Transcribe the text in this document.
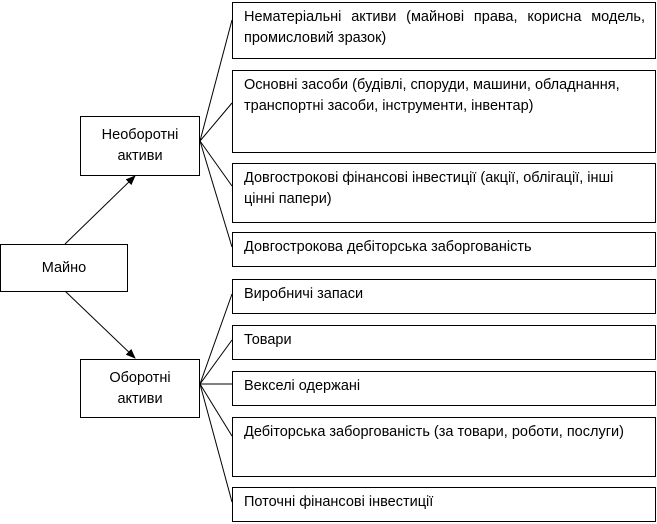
Майно
Необоротні активи
Оборотні активи
Нематеріальні активи (майнові права, корисна модель, промисловий зразок)
Основні засоби (будівлі, споруди, машини, обладнання, транспортні засоби, інструменти, інвентар)
Довгострокові фінансові інвестиції (акції, облігації, інші цінні папери)
Довгострокова дебіторська заборгованість
Виробничі запаси
Товари
Векселі одержані
Дебіторська заборгованість (за товари, роботи, послуги)
Поточні фінансові інвестиції
